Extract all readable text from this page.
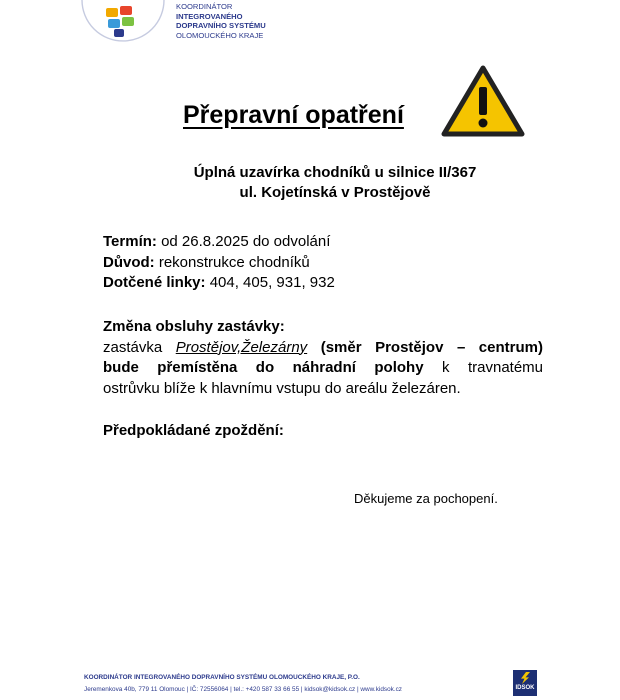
KOORDINÁTOR
INTEGROVANÉHO
DOPRAVNÍHO SYSTÉMU
OLOMOUCKÉHO KRAJE
Přepravní opatření
Úplná uzavírka chodníků u silnice II/367
ul. Kojetínská v Prostějově
Termín: od 26.8.2025 do odvolání
Důvod: rekonstrukce chodníků
Dotčené linky: 404, 405, 931, 932
Změna obsluhy zastávky:
zastávka Prostějov,Železárny (směr Prostějov – centrum)
bude přemístěna do náhradní polohy k travnatému
ostrůvku blíže k hlavnímu vstupu do areálu železáren.
Předpokládané zpoždění:
Děkujeme za pochopení.
KOORDINÁTOR INTEGROVANÉHO DOPRAVNÍHO SYSTÉMU OLOMOUCKÉHO KRAJE, P.O.
Jeremenkova 40b, 779 11 Olomouc | IČ: 72556064 | tel.: +420 587 33 66 55 | kidsok@kidsok.cz | www.kidsok.cz	IDSOK
